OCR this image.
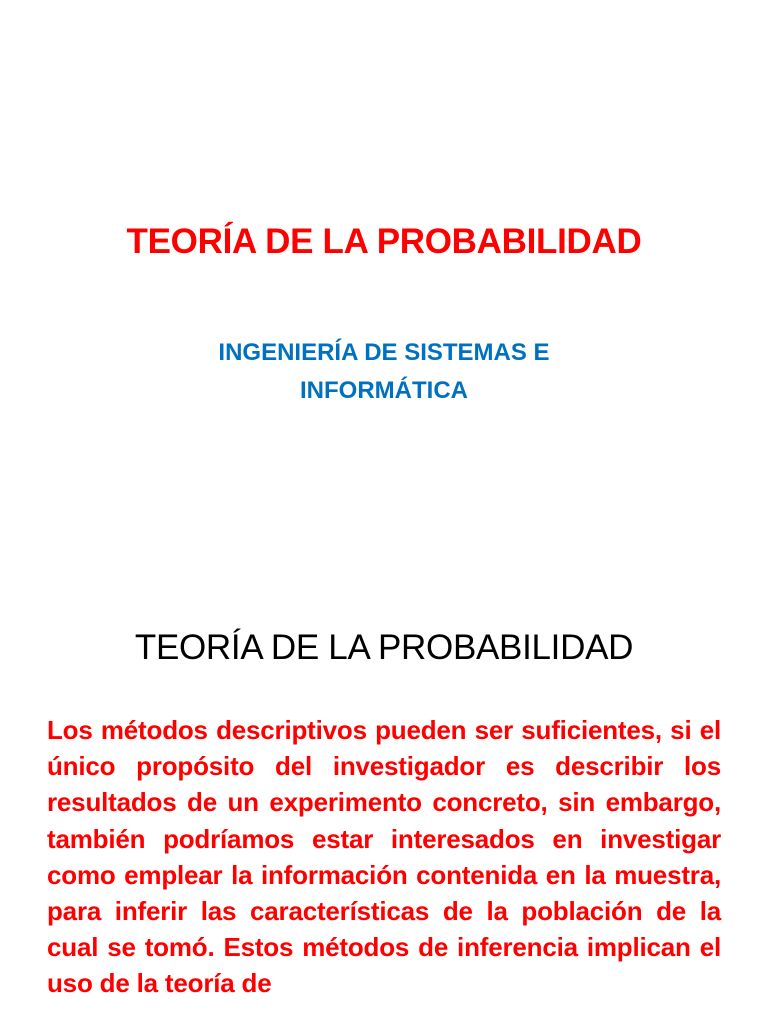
TEORÍA DE LA PROBABILIDAD
INGENIERÍA DE SISTEMAS E INFORMÁTICA
TEORÍA DE LA PROBABILIDAD
Los métodos descriptivos pueden ser suficientes, si el único propósito del investigador es describir los resultados de un experimento concreto, sin embargo, también podríamos estar interesados en investigar como emplear la información contenida en la muestra, para inferir las características de la población de la cual se tomó. Estos métodos de inferencia implican el uso de la teoría de
